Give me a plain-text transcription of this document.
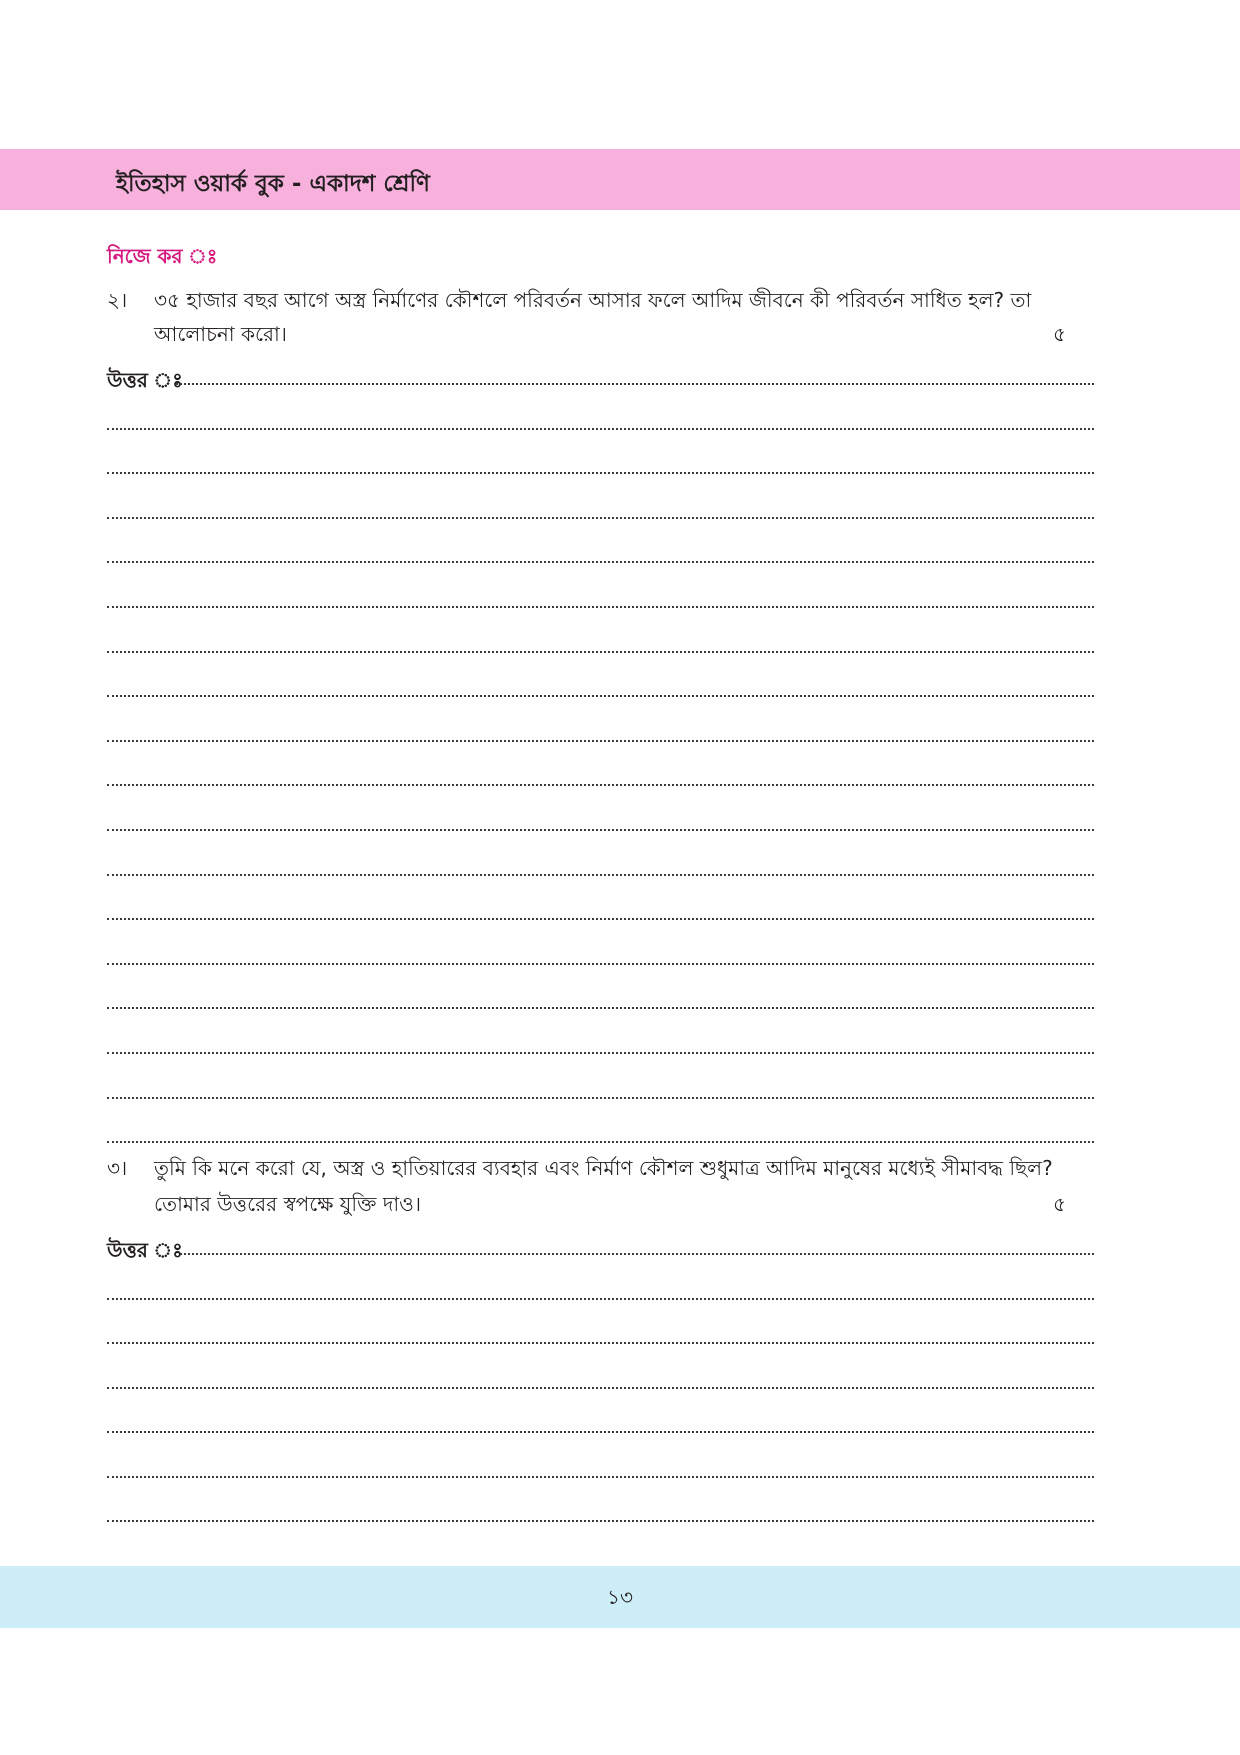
ইতিহাস ওয়ার্ক বুক - একাদশ শ্রেণি
নিজে কর ঃ
২। ৩৫ হাজার বছর আগে অস্ত্র নির্মাণের কৌশলে পরিবর্তন আসার ফলে আদিম জীবনে কী পরিবর্তন সাধিত হল? তা
আলোচনা করো।	৫
উত্তর ঃ
৩। তুমি কি মনে করো যে, অস্ত্র ও হাতিয়ারের ব্যবহার এবং নির্মাণ কৌশল শুধুমাত্র আদিম মানুষের মধ্যেই সীমাবদ্ধ ছিল?
তোমার উত্তরের স্বপক্ষে যুক্তি দাও।	৫
উত্তর ঃ
১৩
